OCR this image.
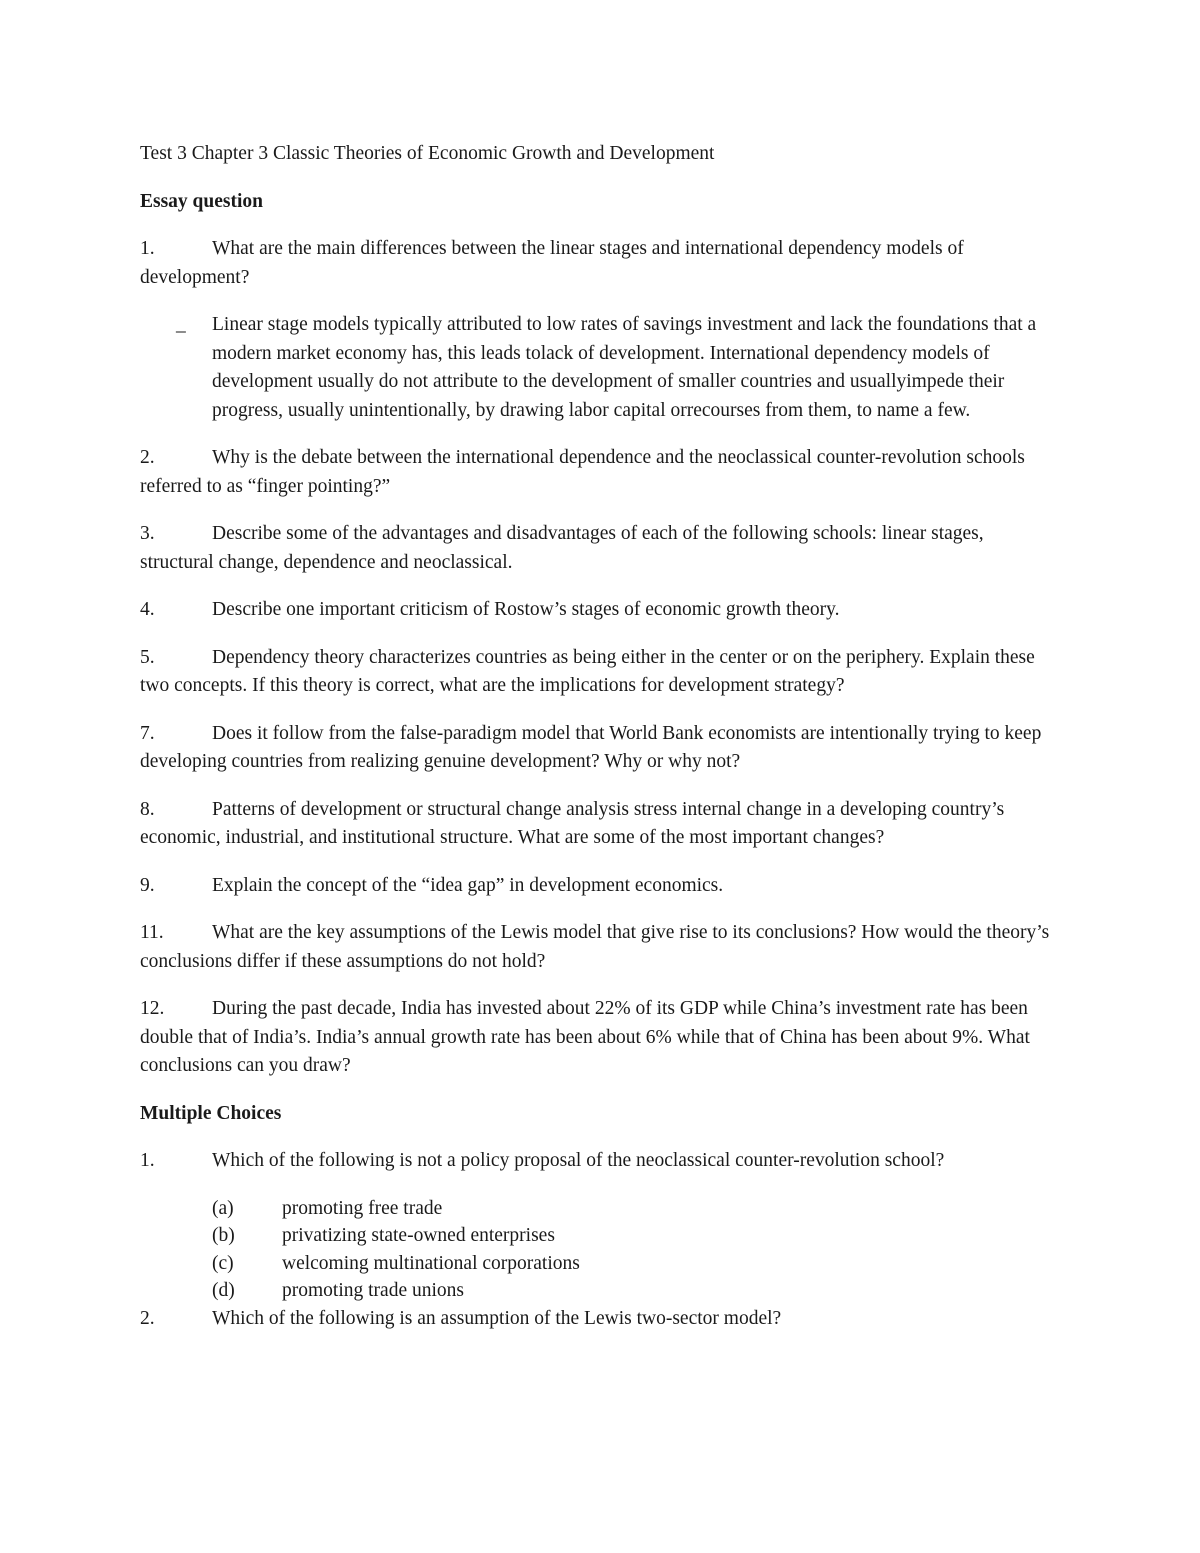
Test 3 Chapter 3 Classic Theories of Economic Growth and Development

Essay question

1.	What are the main differences between the linear stages and international dependency models of development?

_ Linear stage models typically attributed to low rates of savings investment and lack the foundations that a modern market economy has, this leads tolack of development. International dependency models of development usually do not attribute to the development of smaller countries and usuallyimpede their progress, usually unintentionally, by drawing labor capital orrecourses from them, to name a few.

2.	Why is the debate between the international dependence and the neoclassical counter-revolution schools referred to as “finger pointing?”

3.	Describe some of the advantages and disadvantages of each of the following schools: linear stages, structural change, dependence and neoclassical.

4.	Describe one important criticism of Rostow’s stages of economic growth theory.

5.	Dependency theory characterizes countries as being either in the center or on the periphery. Explain these two concepts. If this theory is correct, what are the implications for development strategy?

7.	Does it follow from the false-paradigm model that World Bank economists are intentionally trying to keep developing countries from realizing genuine development? Why or why not?

8.	Patterns of development or structural change analysis stress internal change in a developing country’s economic, industrial, and institutional structure. What are some of the most important changes?

9.	Explain the concept of the “idea gap” in development economics.

11. What are the key assumptions of the Lewis model that give rise to its conclusions? How would the theory’s conclusions differ if these assumptions do not hold?

12. During the past decade, India has invested about 22% of its GDP while China’s investment rate has been double that of India’s. India’s annual growth rate has been about 6% while that of China has been about 9%. What conclusions can you draw?

Multiple Choices

1.	Which of the following is not a policy proposal of the neoclassical counter-revolution school?

(a) promoting free trade
(b) privatizing state-owned enterprises
(c) welcoming multinational corporations
(d) promoting trade unions

2.	Which of the following is an assumption of the Lewis two-sector model?
